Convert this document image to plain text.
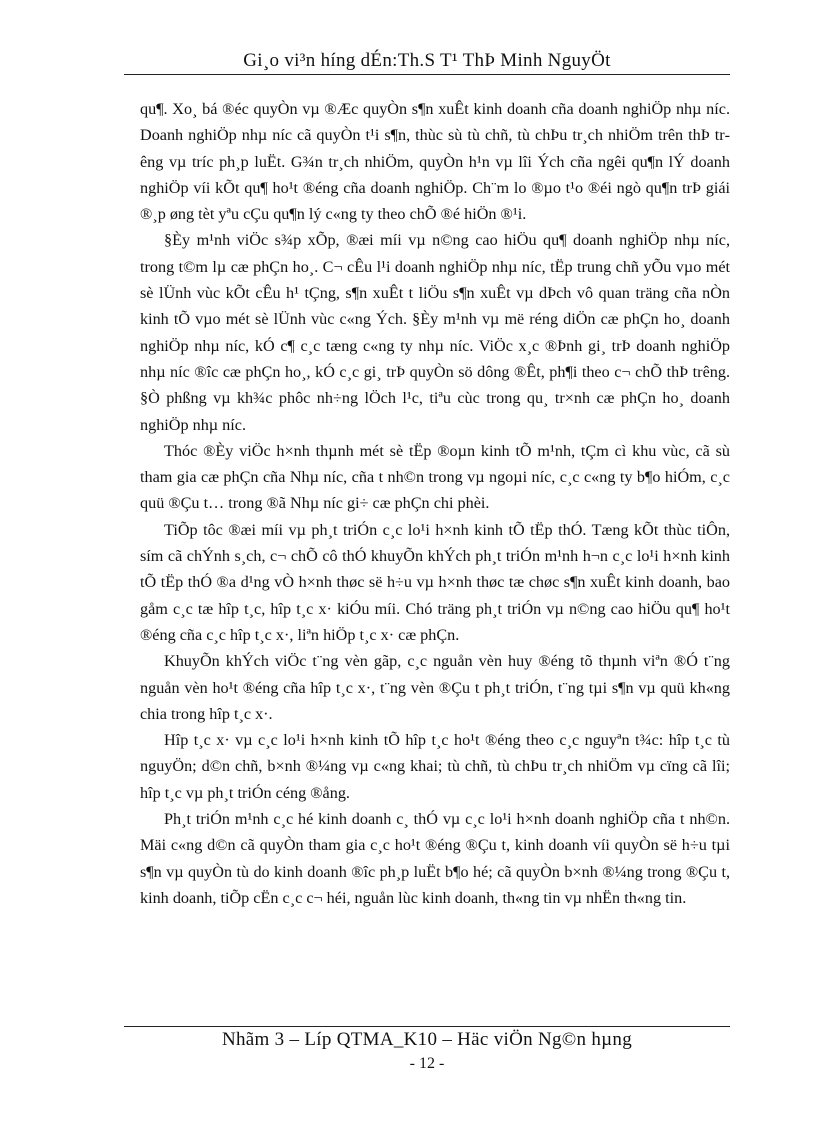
Gi¸o vi³n híng dÉn:Th.S T¹ ThÞ Minh NguyÖt

qu¶. Xo¸ bá ®éc quyÒn vµ ®Æc quyÒn s¶n xuÊt kinh doanh cña doanh nghiÖp nhµ níc. Doanh nghiÖp nhµ níc cã quyÒn t¹i s¶n, thùc sù tù chñ, tù chÞu tr¸ch nhiÖm trên thÞ trêng vµ tríc ph¸p luËt. G¾n tr¸ch nhiÖm, quyÒn h¹n vµ lîi Ých cña ngêi qu¶n lÝ doanh nghiÖp víi kÕt qu¶ ho¹t ®éng cña doanh nghiÖp. Ch¨m lo ®µo t¹o ®éi ngò qu¶n trÞ giái ®¸p øng tèt yªu cÇu qu¶n lý c«ng ty theo chÕ ®é hiÖn ®¹i.

§Èy m¹nh viÖc s¾p xÕp, ®æi míi vµ n©ng cao hiÖu qu¶ doanh nghiÖp nhµ níc, trong t©m lµ cæ phÇn ho¸. C¬ cÊu l¹i doanh nghiÖp nhµ níc, tËp trung chñ yÕu vµo mét sè lÜnh vùc kÕt cÊu h¹ tÇng, s¶n xuÊt t liÖu s¶n xuÊt vµ dÞch vô quan träng cña nÒn kinh tÕ vµo mét sè lÜnh vùc c«ng Ých. §Èy m¹nh vµ më réng diÖn cæ phÇn ho¸ doanh nghiÖp nhµ níc, kÓ c¶ c¸c tæng c«ng ty nhµ níc. ViÖc x¸c ®Þnh gi¸ trÞ doanh nghiÖp nhµ níc ®îc cæ phÇn ho¸, kÓ c¸c gi¸ trÞ quyÒn sö dông ®Êt, ph¶i theo c¬ chÕ thÞ trêng. §Ò phßng vµ kh¾c phôc nh÷ng lÖch l¹c, tiªu cùc trong qu¸ tr×nh cæ phÇn ho¸ doanh nghiÖp nhµ níc.

Thóc ®Èy viÖc h×nh thµnh mét sè tËp ®oµn kinh tÕ m¹nh, tÇm cì khu vùc, cã sù tham gia cæ phÇn cña Nhµ níc, cña t nh©n trong vµ ngoµi níc, c¸c c«ng ty b¶o hiÓm, c¸c quü ®Çu t… trong ®ã Nhµ níc gi÷ cæ phÇn chi phèi.

TiÕp tôc ®æi míi vµ ph¸t triÓn c¸c lo¹i h×nh kinh tÕ tËp thÓ. Tæng kÕt thùc tiÔn, sím cã chÝnh s¸ch, c¬ chÕ cô thÓ khuyÕn khÝch ph¸t triÓn m¹nh h¬n c¸c lo¹i h×nh kinh tÕ tËp thÓ ®a d¹ng vÒ h×nh thøc së h÷u vµ h×nh thøc tæ chøc s¶n xuÊt kinh doanh, bao gåm c¸c tæ hîp t¸c, hîp t¸c x· kiÓu míi. Chó träng ph¸t triÓn vµ n©ng cao hiÖu qu¶ ho¹t ®éng cña c¸c hîp t¸c x·, liªn hiÖp t¸c x· cæ phÇn.

KhuyÕn khÝch viÖc t¨ng vèn gãp, c¸c nguån vèn huy ®éng tõ thµnh viªn ®Ó t¨ng nguån vèn ho¹t ®éng cña hîp t¸c x·, t¨ng vèn ®Çu t ph¸t triÓn, t¨ng tµi s¶n vµ quü kh«ng chia trong hîp t¸c x·.

Hîp t¸c x· vµ c¸c lo¹i h×nh kinh tÕ hîp t¸c ho¹t ®éng theo c¸c nguyªn t¾c: hîp t¸c tù nguyÖn; d©n chñ, b×nh ®¼ng vµ c«ng khai; tù chñ, tù chÞu tr¸ch nhiÖm vµ cïng cã lîi; hîp t¸c vµ ph¸t triÓn céng ®ång.

Ph¸t triÓn m¹nh c¸c hé kinh doanh c¸ thÓ vµ c¸c lo¹i h×nh doanh nghiÖp cña t nh©n. Mäi c«ng d©n cã quyÒn tham gia c¸c ho¹t ®éng ®Çu t, kinh doanh víi quyÒn së h÷u tµi s¶n vµ quyÒn tù do kinh doanh ®îc ph¸p luËt b¶o hé; cã quyÒn b×nh ®¼ng trong ®Çu t, kinh doanh, tiÕp cËn c¸c c¬ héi, nguån lùc kinh doanh, th«ng tin vµ nhËn th«ng tin.

Nhãm 3 – Líp QTMA_K10 – Häc viÖn Ng©n hµng
- 12 -
